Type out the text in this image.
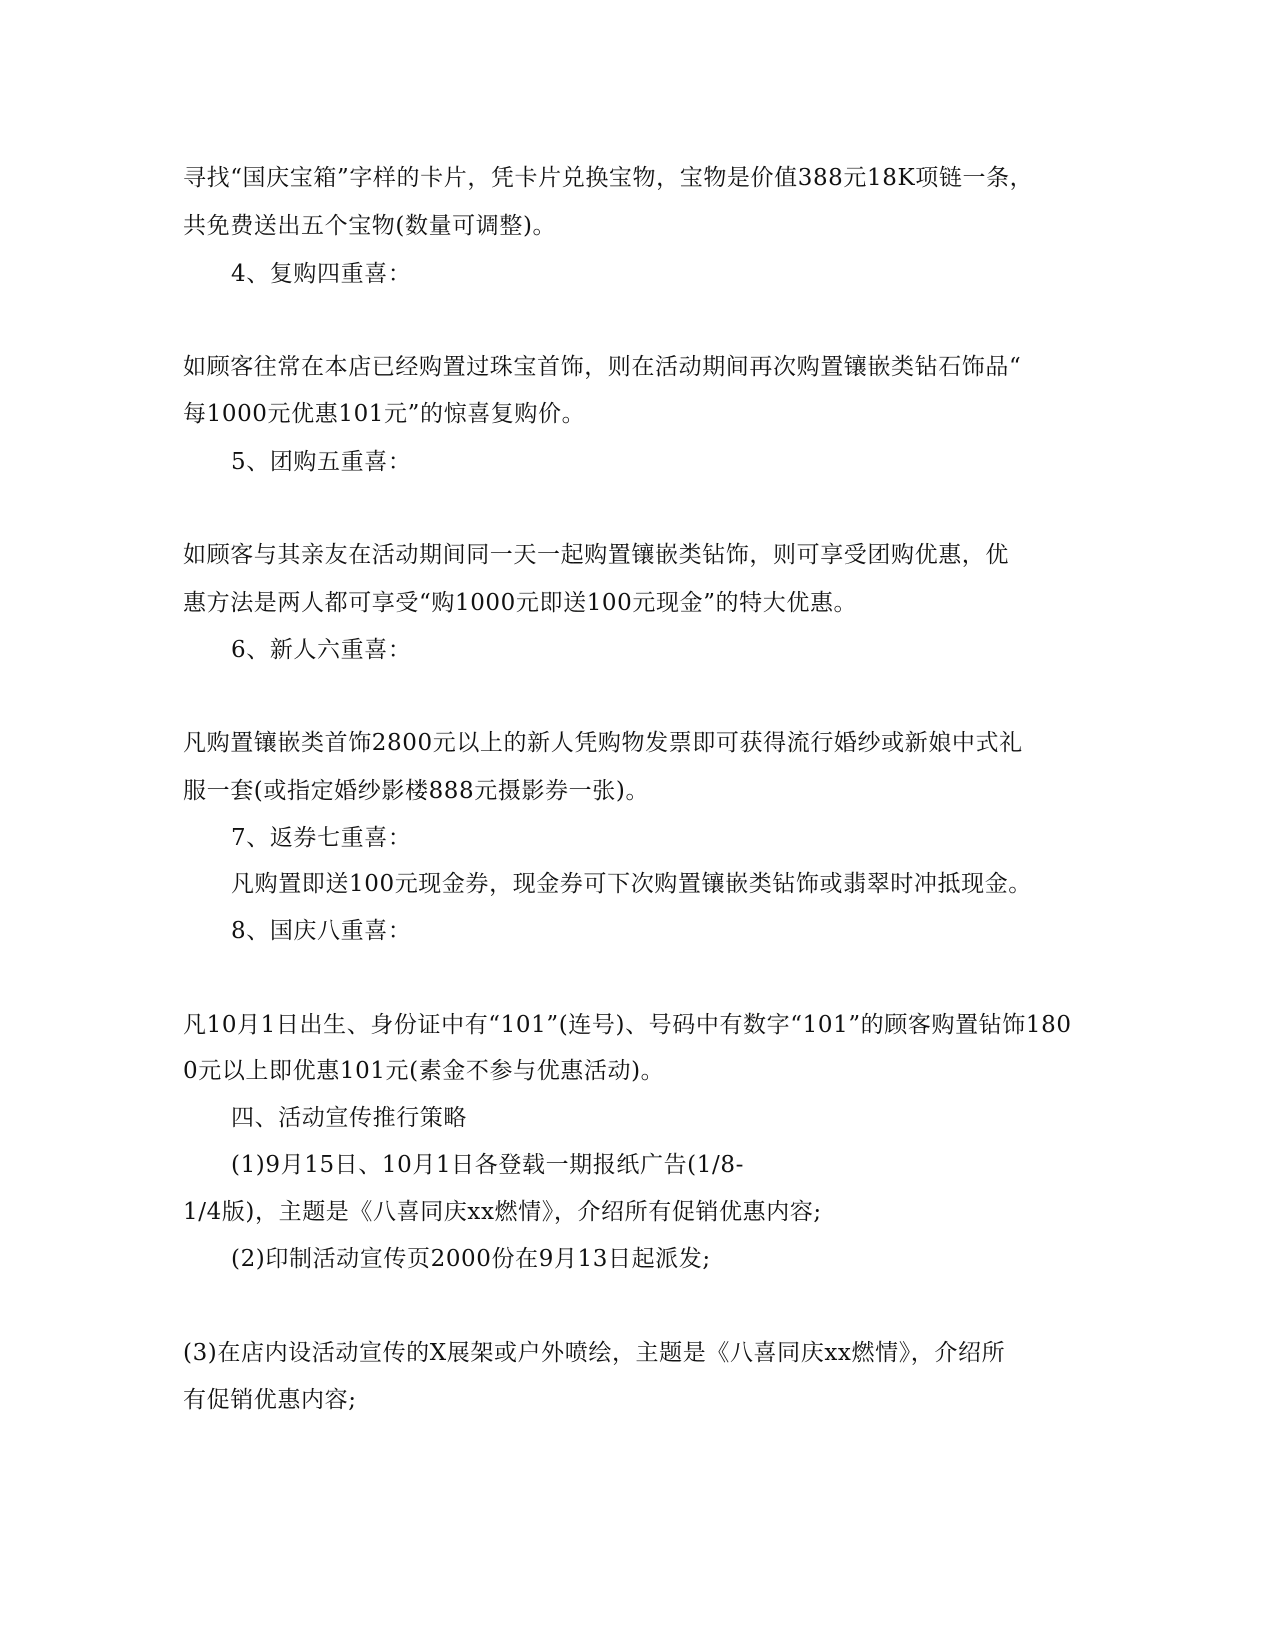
寻找“国庆宝箱”字样的卡片，凭卡片兑换宝物，宝物是价值388元18K项链一条，
共免费送出五个宝物(数量可调整)。
4、复购四重喜：
如顾客往常在本店已经购置过珠宝首饰，则在活动期间再次购置镶嵌类钻石饰品“
每1000元优惠101元”的惊喜复购价。
5、团购五重喜：
如顾客与其亲友在活动期间同一天一起购置镶嵌类钻饰，则可享受团购优惠，优
惠方法是两人都可享受“购1000元即送100元现金”的特大优惠。
6、新人六重喜：
凡购置镶嵌类首饰2800元以上的新人凭购物发票即可获得流行婚纱或新娘中式礼
服一套(或指定婚纱影楼888元摄影券一张)。
7、返券七重喜：
凡购置即送100元现金券，现金券可下次购置镶嵌类钻饰或翡翠时冲抵现金。
8、国庆八重喜：
凡10月1日出生、身份证中有“101”(连号)、号码中有数字“101”的顾客购置钻饰180
0元以上即优惠101元(素金不参与优惠活动)。
四、活动宣传推行策略
(1)9月15日、10月1日各登载一期报纸广告(1/8-
1/4版)，主题是《八喜同庆xx燃情》，介绍所有促销优惠内容;
(2)印制活动宣传页2000份在9月13日起派发;
(3)在店内设活动宣传的X展架或户外喷绘，主题是《八喜同庆xx燃情》，介绍所
有促销优惠内容;
